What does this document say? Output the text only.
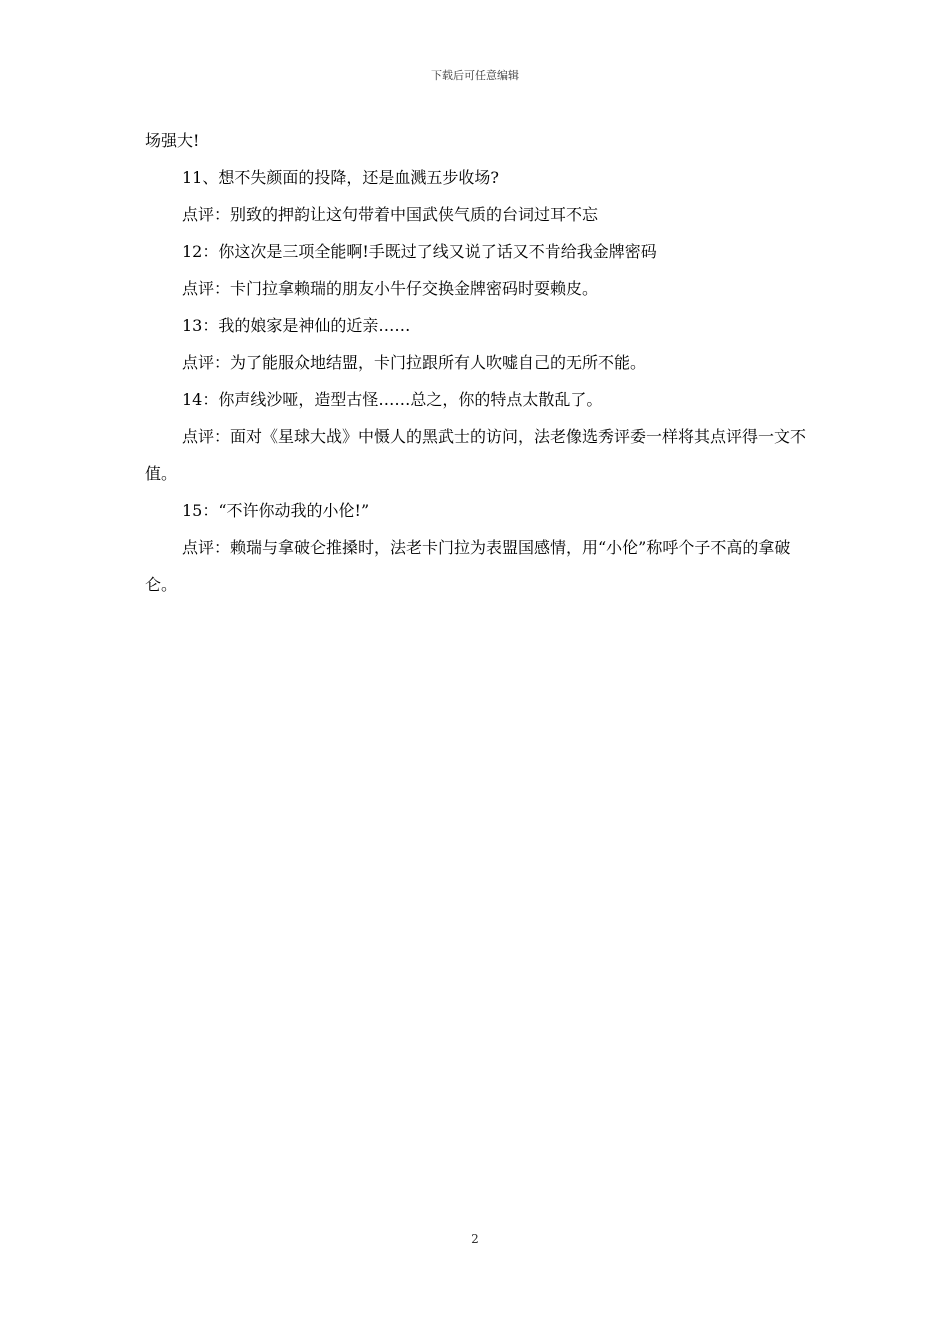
下载后可任意编辑

场强大!

11、想不失颜面的投降，还是血溅五步收场?

点评：别致的押韵让这句带着中国武侠气质的台词过耳不忘

12：你这次是三项全能啊!手既过了线又说了话又不肯给我金牌密码

点评：卡门拉拿赖瑞的朋友小牛仔交换金牌密码时耍赖皮。

13：我的娘家是神仙的近亲……

点评：为了能服众地结盟，卡门拉跟所有人吹嘘自己的无所不能。

14：你声线沙哑，造型古怪……总之，你的特点太散乱了。

点评：面对《星球大战》中慑人的黑武士的访问，法老像选秀评委一样将其点评得一文不值。

15：“不许你动我的小伦!”

点评：赖瑞与拿破仑推搡时，法老卡门拉为表盟国感情，用“小伦”称呼个子不高的拿破仑。

2
